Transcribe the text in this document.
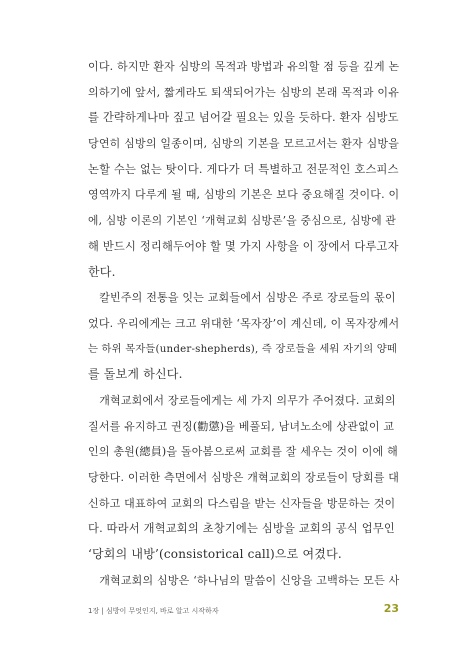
이다. 하지만 환자 심방의 목적과 방법과 유의할 점 등을 깊게 논
의하기에 앞서, 짧게라도 퇴색되어가는 심방의 본래 목적과 이유
를 간략하게나마 짚고 넘어갈 필요는 있을 듯하다. 환자 심방도
당연히 심방의 일종이며, 심방의 기본을 모르고서는 환자 심방을
논할 수는 없는 탓이다. 게다가 더 특별하고 전문적인 호스피스
영역까지 다루게 될 때, 심방의 기본은 보다 중요해질 것이다. 이
에, 심방 이론의 기본인 ‘개혁교회 심방론’을 중심으로, 심방에 관
해 반드시 정리해두어야 할 몇 가지 사항을 이 장에서 다루고자
한다.
　칼빈주의 전통을 잇는 교회들에서 심방은 주로 장로들의 몫이
었다. 우리에게는 크고 위대한 ‘목자장’이 계신데, 이 목자장께서
는 하위 목자들(under-shepherds), 즉 장로들을 세워 자기의 양떼
를 돌보게 하신다.
　개혁교회에서 장로들에게는 세 가지 의무가 주어졌다. 교회의
질서를 유지하고 권징(勸懲)을 베풀되, 남녀노소에 상관없이 교
인의 총원(總員)을 돌아봄으로써 교회를 잘 세우는 것이 이에 해
당한다. 이러한 측면에서 심방은 개혁교회의 장로들이 당회를 대
신하고 대표하여 교회의 다스림을 받는 신자들을 방문하는 것이
다. 따라서 개혁교회의 초창기에는 심방을 교회의 공식 업무인
‘당회의 내방’(consistorical call)으로 여겼다.
　개혁교회의 심방은 ‘하나님의 말씀이 신앙을 고백하는 모든 사
1장 | 심방이 무엇인지, 바로 알고 시작하자	23
